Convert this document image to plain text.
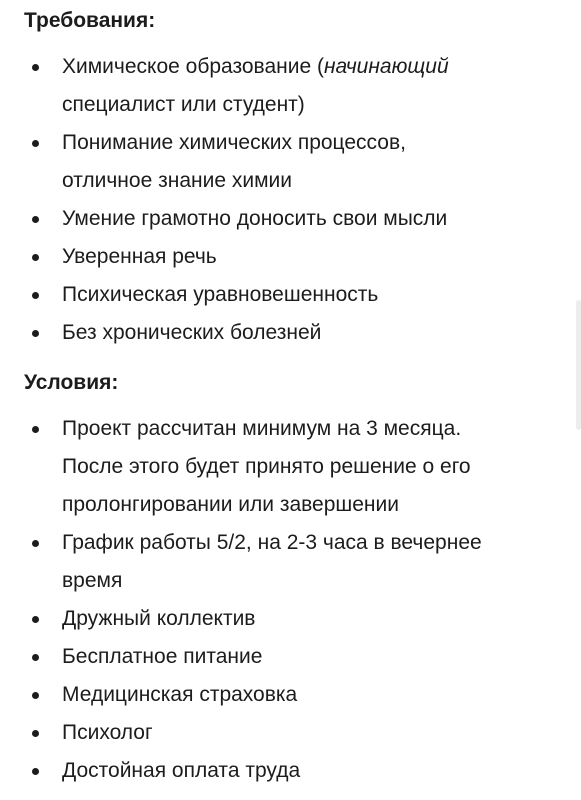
Требования:
Химическое образование (начинающий
специалист или студент)
Понимание химических процессов,
отличное знание химии
Умение грамотно доносить свои мысли
Уверенная речь
Психическая уравновешенность
Без хронических болезней
Условия:
Проект рассчитан минимум на 3 месяца.
После этого будет принято решение о его
пролонгировании или завершении
График работы 5/2, на 2-3 часа в вечернее
время
Дружный коллектив
Бесплатное питание
Медицинская страховка
Психолог
Достойная оплата труда
